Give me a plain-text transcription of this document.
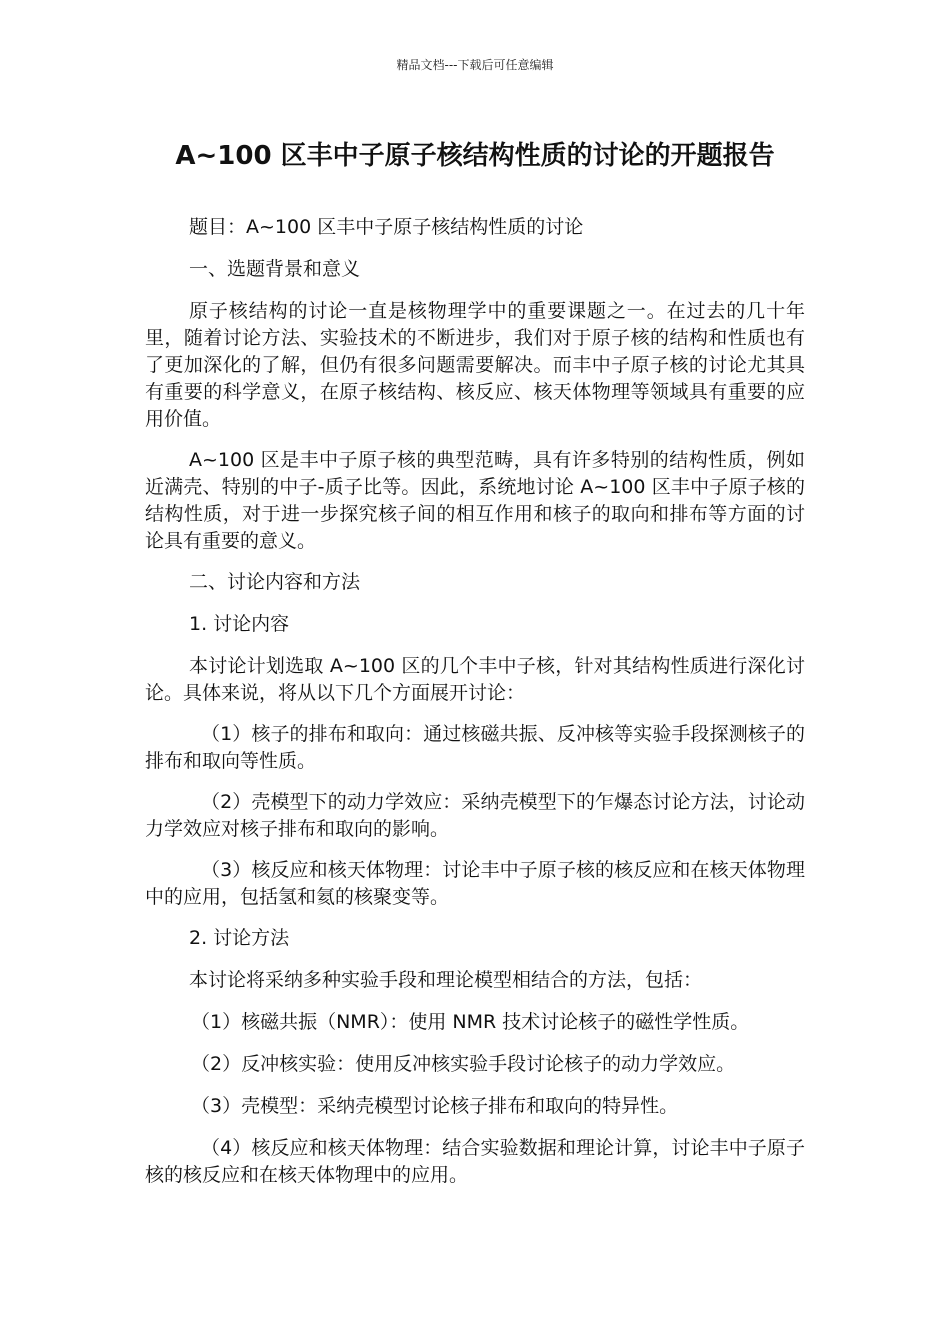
精品文档---下载后可任意编辑
A~100 区丰中子原子核结构性质的讨论的开题报告

题目：A~100 区丰中子原子核结构性质的讨论

一、选题背景和意义

原子核结构的讨论一直是核物理学中的重要课题之一。在过去的几十年里，随着讨论方法、实验技术的不断进步，我们对于原子核的结构和性质也有了更加深化的了解，但仍有很多问题需要解决。而丰中子原子核的讨论尤其具有重要的科学意义，在原子核结构、核反应、核天体物理等领域具有重要的应用价值。

A~100 区是丰中子原子核的典型范畴，具有许多特别的结构性质，例如近满壳、特别的中子-质子比等。因此，系统地讨论 A~100 区丰中子原子核的结构性质，对于进一步探究核子间的相互作用和核子的取向和排布等方面的讨论具有重要的意义。

二、讨论内容和方法

1. 讨论内容

本讨论计划选取 A~100 区的几个丰中子核，针对其结构性质进行深化讨论。具体来说，将从以下几个方面展开讨论：

（1）核子的排布和取向：通过核磁共振、反冲核等实验手段探测核子的排布和取向等性质。

（2）壳模型下的动力学效应：采纳壳模型下的乍爆态讨论方法，讨论动力学效应对核子排布和取向的影响。

（3）核反应和核天体物理：讨论丰中子原子核的核反应和在核天体物理中的应用，包括氢和氦的核聚变等。

2. 讨论方法

本讨论将采纳多种实验手段和理论模型相结合的方法，包括：

（1）核磁共振（NMR）：使用 NMR 技术讨论核子的磁性学性质。

（2）反冲核实验：使用反冲核实验手段讨论核子的动力学效应。

（3）壳模型：采纳壳模型讨论核子排布和取向的特异性。

（4）核反应和核天体物理：结合实验数据和理论计算，讨论丰中子原子核的核反应和在核天体物理中的应用。
